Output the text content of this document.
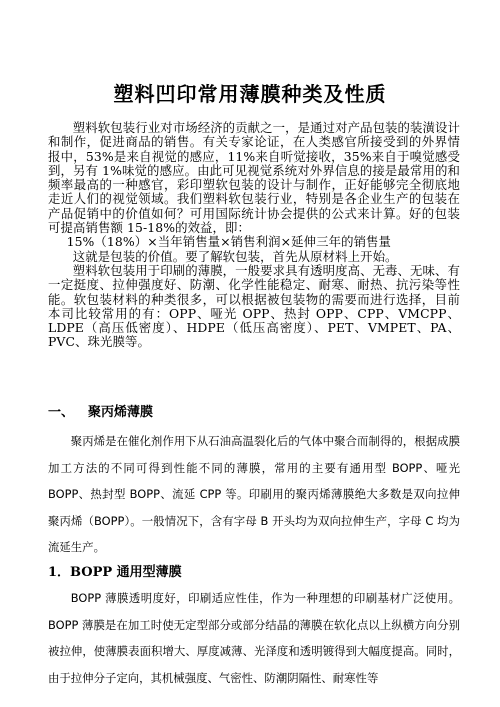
塑料凹印常用薄膜种类及性质

塑料软包装行业对市场经济的贡献之一，是通过对产品包装的装潢设计和制作，促进商品的销售。有关专家论证，在人类感官所接受到的外界情报中，53%是来自视觉的感应，11%来自听觉接收，35%来自于嗅觉感受到，另有 1%味觉的感应。由此可见视觉系统对外界信息的接是最常用的和频率最高的一种感官，彩印塑软包装的设计与制作，正好能够完全彻底地走近人们的视觉领域。我们塑料软包装行业，特别是各企业生产的包装在产品促销中的价值如何？可用国际统计协会提供的公式来计算。好的包装可提高销售额 15-18%的效益，即：

15%（18%）×当年销售量×销售利润×延伸三年的销售量

这就是包装的价值。要了解软包装，首先从原材料上开始。

塑料软包装用于印刷的薄膜，一般要求具有透明度高、无毒、无味、有一定挺度、拉伸强度好、防潮、化学性能稳定、耐寒、耐热、抗污染等性能。软包装材料的种类很多，可以根据被包装物的需要而进行选择，目前本司比较常用的有：OPP、哑光 OPP、热封 OPP、CPP、VMCPP、LDPE（高压低密度）、HDPE（低压高密度）、PET、VMPET、PA、PVC、珠光膜等。

一、 聚丙烯薄膜

聚丙烯是在催化剂作用下从石油高温裂化后的气体中聚合而制得的，根据成膜加工方法的不同可得到性能不同的薄膜，常用的主要有通用型 BOPP、哑光 BOPP、热封型 BOPP、流延 CPP 等。印刷用的聚丙烯薄膜绝大多数是双向拉伸聚丙烯（BOPP）。一般情况下，含有字母 B 开头均为双向拉伸生产，字母 C 均为流延生产。

1．BOPP 通用型薄膜

BOPP 薄膜透明度好，印刷适应性佳，作为一种理想的印刷基材广泛使用。BOPP 薄膜是在加工时使无定型部分或部分结晶的薄膜在软化点以上纵横方向分别被拉伸，使薄膜表面积增大、厚度减薄、光泽度和透明镀得到大幅度提高。同时，由于拉伸分子定向，其机械强度、气密性、防潮阴隔性、耐寒性等
